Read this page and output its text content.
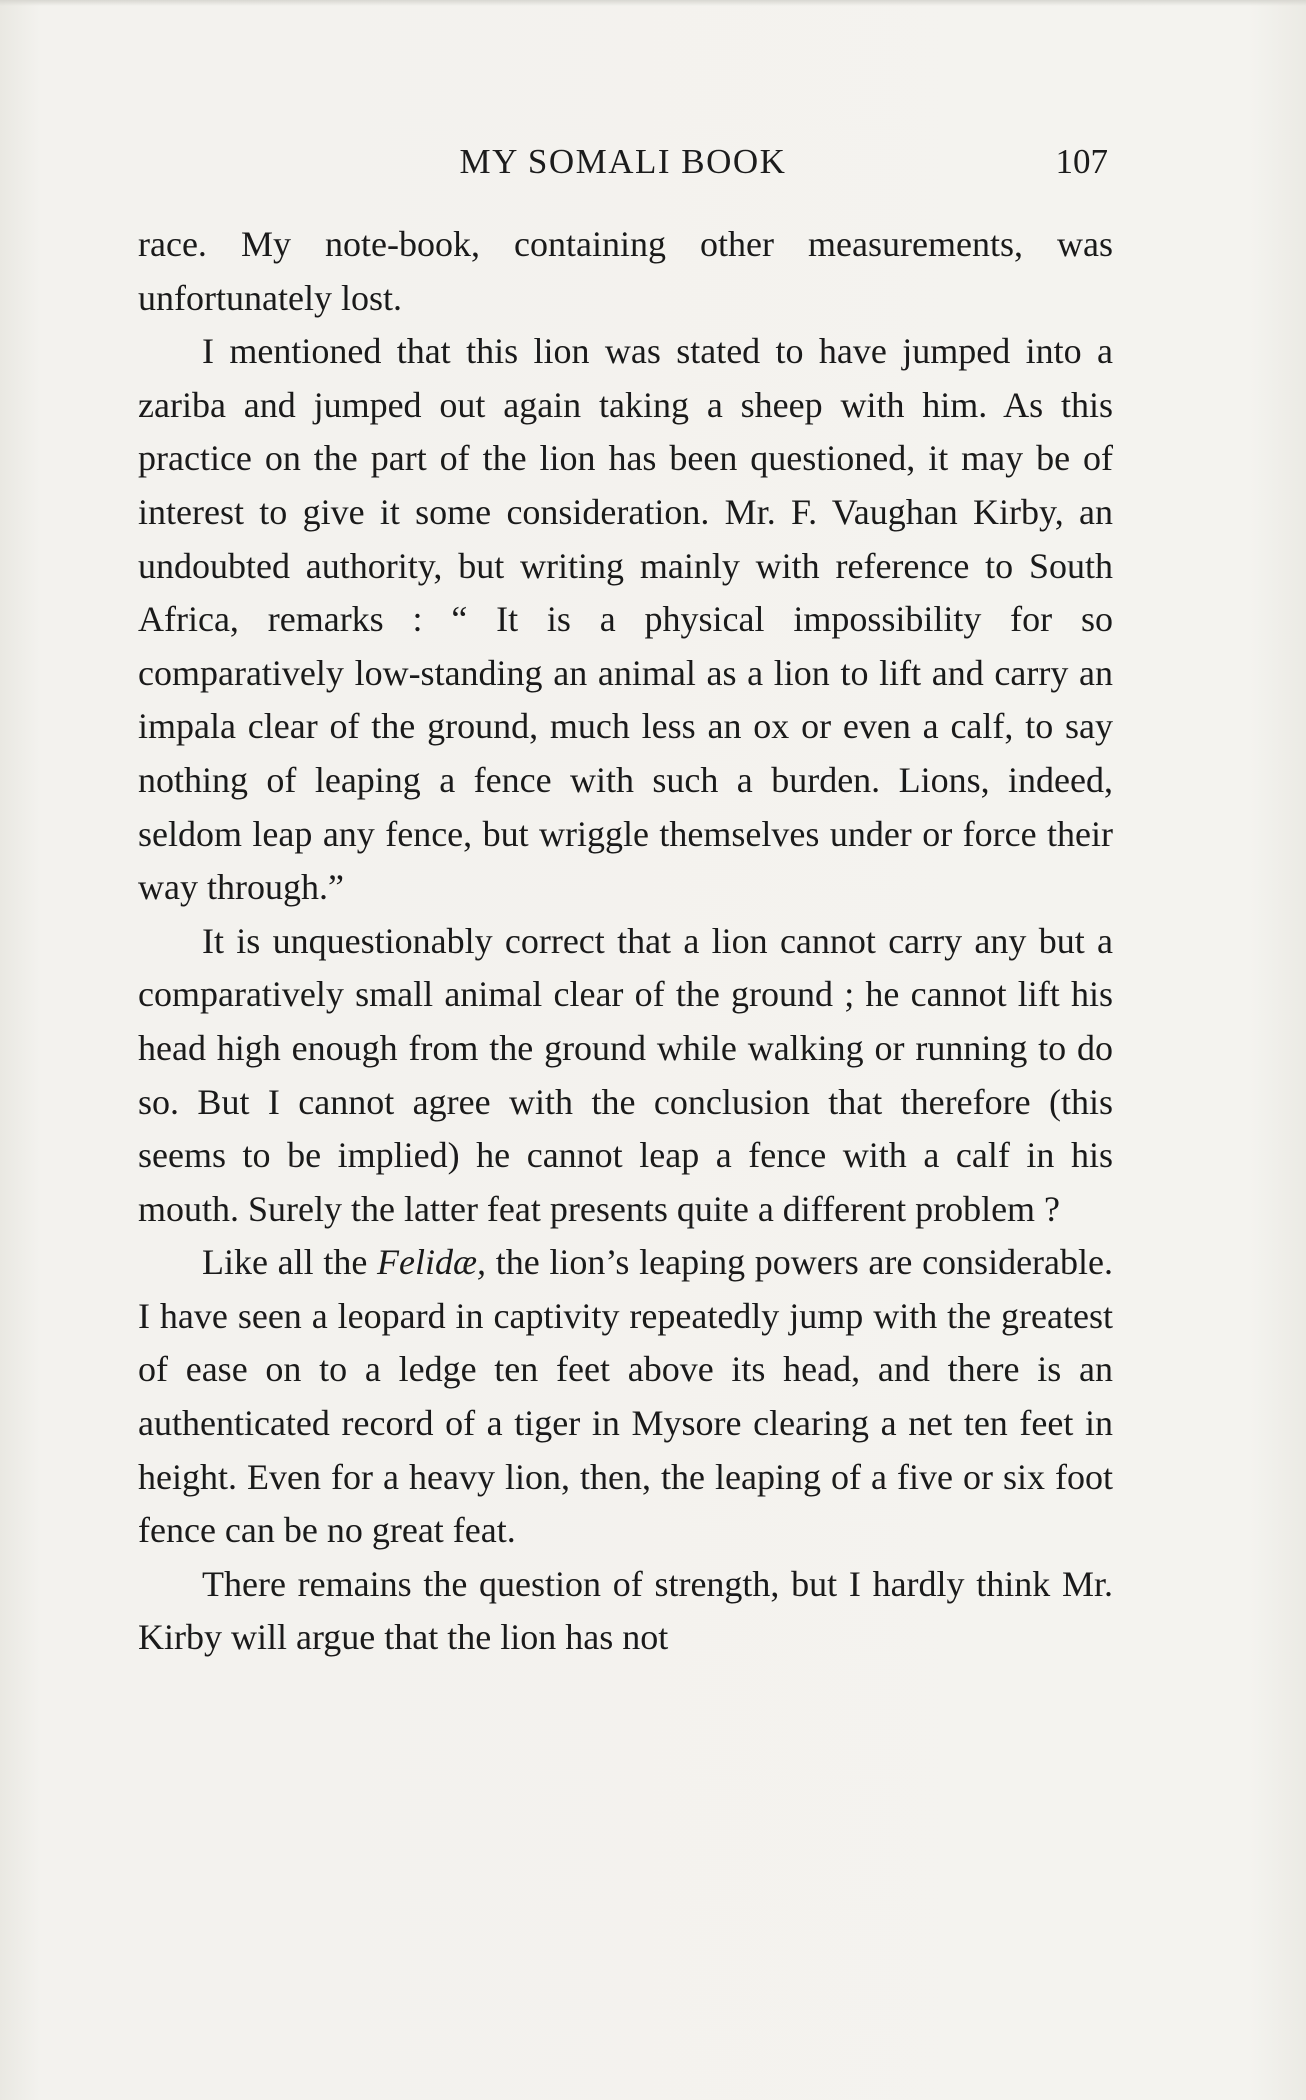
MY SOMALI BOOK	107

race. My note-book, containing other measurements, was unfortunately lost.

I mentioned that this lion was stated to have jumped into a zariba and jumped out again taking a sheep with him. As this practice on the part of the lion has been questioned, it may be of interest to give it some consideration. Mr. F. Vaughan Kirby, an undoubted authority, but writing mainly with reference to South Africa, remarks : “ It is a physical impossibility for so comparatively low-standing an animal as a lion to lift and carry an impala clear of the ground, much less an ox or even a calf, to say nothing of leaping a fence with such a burden. Lions, indeed, seldom leap any fence, but wriggle themselves under or force their way through.”

It is unquestionably correct that a lion cannot carry any but a comparatively small animal clear of the ground ; he cannot lift his head high enough from the ground while walking or running to do so. But I cannot agree with the conclusion that therefore (this seems to be implied) he cannot leap a fence with a calf in his mouth. Surely the latter feat presents quite a different problem ?

Like all the Felidæ, the lion’s leaping powers are considerable. I have seen a leopard in captivity repeatedly jump with the greatest of ease on to a ledge ten feet above its head, and there is an authenticated record of a tiger in Mysore clearing a net ten feet in height. Even for a heavy lion, then, the leaping of a five or six foot fence can be no great feat.

There remains the question of strength, but I hardly think Mr. Kirby will argue that the lion has not
